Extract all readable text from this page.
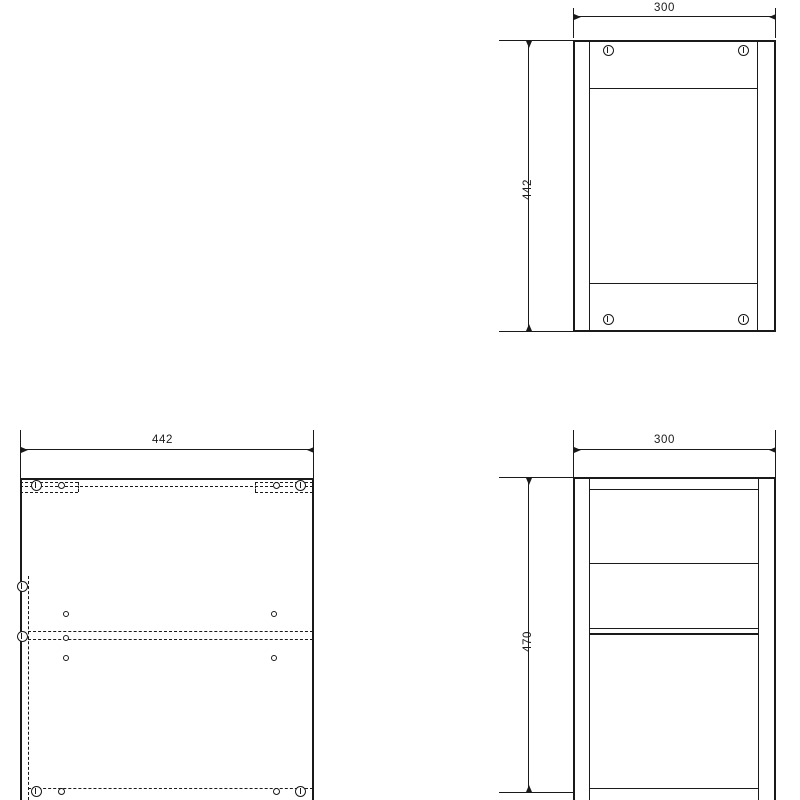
300
442
442	300
470
